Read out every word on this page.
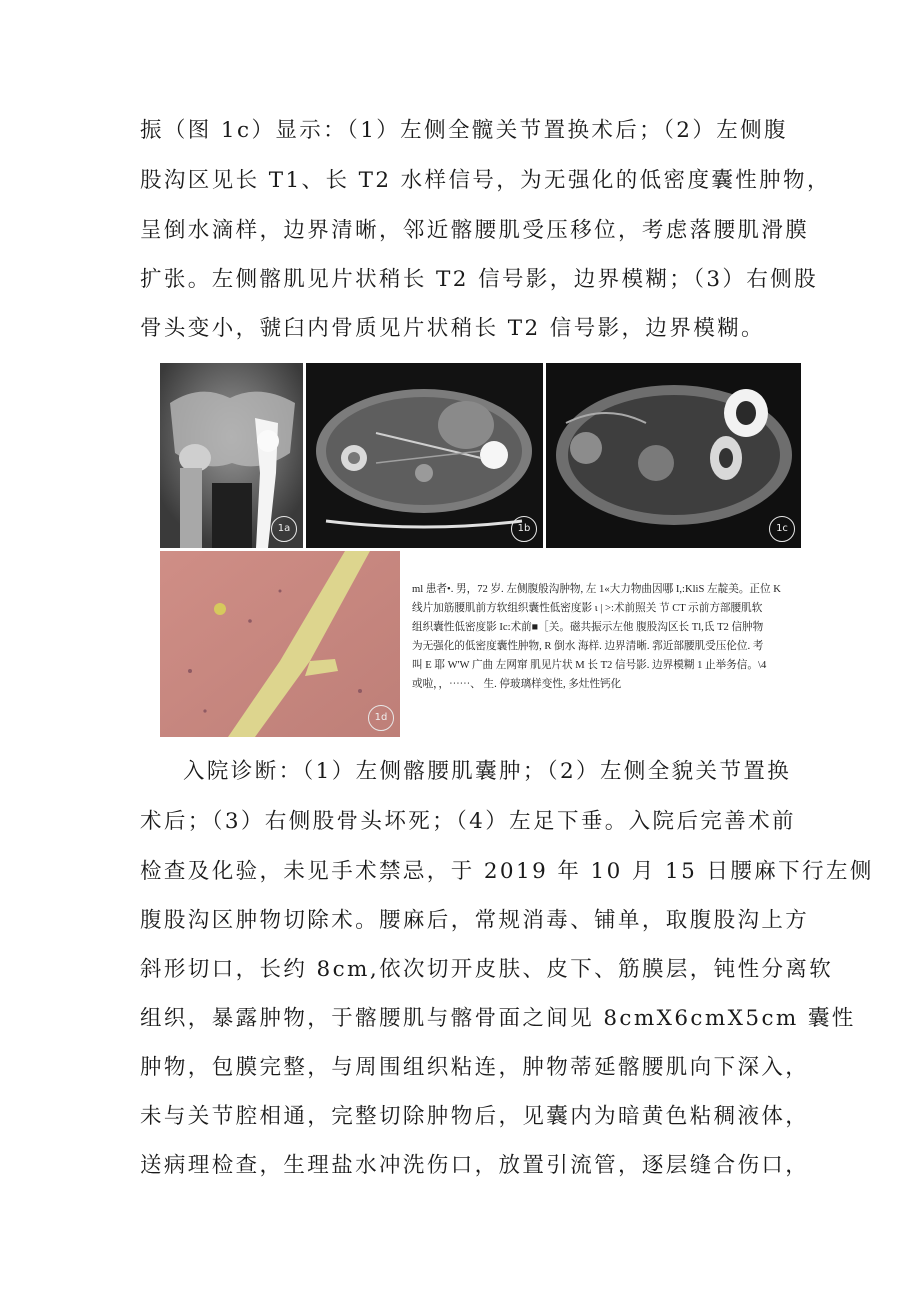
振（图 1c）显示：（1）左侧全髋关节置换术后；（2）左侧腹
股沟区见长 T1、长 T2 水样信号，为无强化的低密度囊性肿物，
呈倒水滴样，边界清晰，邻近髂腰肌受压移位，考虑落腰肌滑膜
扩张。左侧髂肌见片状稍长 T2 信号影，边界模糊；（3）右侧股
骨头变小，虢臼内骨质见片状稍长 T2 信号影，边界模糊。
1a	1b	1c
1d
ml 患者•. 男，72 岁. 左侧腹般沟肿物, 左 1«大力物曲因哪 I,:KliS 左靛美。正位 K
线片加筋腰肌前方软组织囊性低密度影 ι | >:术前照关 节 CT 示前方部腰肌软
组织囊性低密度影 Ic:术前■［关。磁共振示左他 腹股沟区长 Tl,氐 T2 信肿物
为无强化的低密度囊性肿物, R 倒水 海样. 边界清晰. 郛近部腰肌受压伦位. 考
叫 E 耶 W'W 广曲 左网窜 肌见片状 M 长 T2 信号影. 边界模糊 1 止举务信。\4
或啦，，⋯⋯、 生. 停玻璃样变性, 多灶性钙化
入院诊断：（1）左侧髂腰肌囊肿；（2）左侧全貌关节置换
术后；（3）右侧股骨头坏死；（4）左足下垂。入院后完善术前
检查及化验，未见手术禁忌，于 2019 年 10 月 15 日腰麻下行左侧
腹股沟区肿物切除术。腰麻后，常规消毒、铺单，取腹股沟上方
斜形切口，长约 8cm,依次切开皮肤、皮下、筋膜层，钝性分离软
组织，暴露肿物，于髂腰肌与髂骨面之间见 8cmX6cmX5cm 囊性
肿物，包膜完整，与周围组织粘连，肿物蒂延髂腰肌向下深入，
未与关节腔相通，完整切除肿物后，见囊内为暗黄色粘稠液体，
送病理检查，生理盐水冲洗伤口，放置引流管，逐层缝合伤口，
